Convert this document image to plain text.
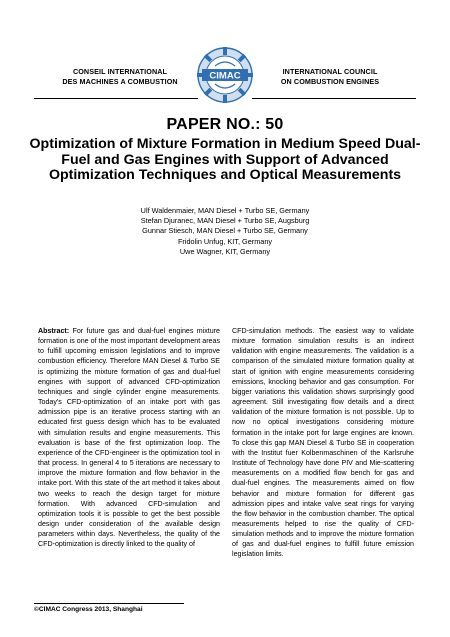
CONSEIL INTERNATIONAL
DES MACHINES A COMBUSTION
CIMAC	INTERNATIONAL COUNCIL
ON COMBUSTION ENGINES
PAPER NO.: 50
Optimization of Mixture Formation in Medium Speed Dual-Fuel and Gas Engines with Support of Advanced Optimization Techniques and Optical Measurements
Ulf Waldenmaier, MAN Diesel + Turbo SE, Germany
Stefan Djuranec, MAN Diesel + Turbo SE, Augsburg
Gunnar Stiesch, MAN Diesel + Turbo SE, Germany
Fridolin Unfug, KIT, Germany
Uwe Wagner, KIT, Germany
Abstract: For future gas and dual-fuel engines mixture formation is one of the most important development areas to fulfill upcoming emission legislations and to improve combustion efficiency. Therefore MAN Diesel & Turbo SE is optimizing the mixture formation of gas and dual-fuel engines with support of advanced CFD-optimization techniques and single cylinder engine measurements. Today's CFD-optimization of an intake port with gas admission pipe is an iterative process starting with an educated first guess design which has to be evaluated with simulation results and engine measurements. This evaluation is base of the first optimization loop. The experience of the CFD-engineer is the optimization tool in that process. In general 4 to 5 iterations are necessary to improve the mixture formation and flow behavior in the intake port. With this state of the art method it takes about two weeks to reach the design target for mixture formation. With advanced CFD-simulation and optimization tools it is possible to get the best possible design under consideration of the available design parameters within days. Nevertheless, the quality of the CFD-optimization is directly linked to the quality of
CFD-simulation methods. The easiest way to validate mixture formation simulation results is an indirect validation with engine measurements. The validation is a comparison of the simulated mixture formation quality at start of ignition with engine measurements considering emissions, knocking behavior and gas consumption. For bigger variations this validation shows surprisingly good agreement. Still investigating flow details and a direct validation of the mixture formation is not possible. Up to now no optical investigations considering mixture formation in the intake port for large engines are known. To close this gap MAN Diesel & Turbo SE in cooperation with the Institut fuer Kolbenmaschinen of the Karlsruhe Institute of Technology have done PIV and Mie-scattering measurements on a modified flow bench for gas and dual-fuel engines. The measurements aimed on flow behavior and mixture formation for different gas admission pipes and intake valve seat rings for varying the flow behavior in the combustion chamber. The optical measurements helped to rise the quality of CFD-simulation methods and to improve the mixture formation of gas and dual-fuel engines to fulfill future emission legislation limits.
©CIMAC Congress 2013, Shanghai
